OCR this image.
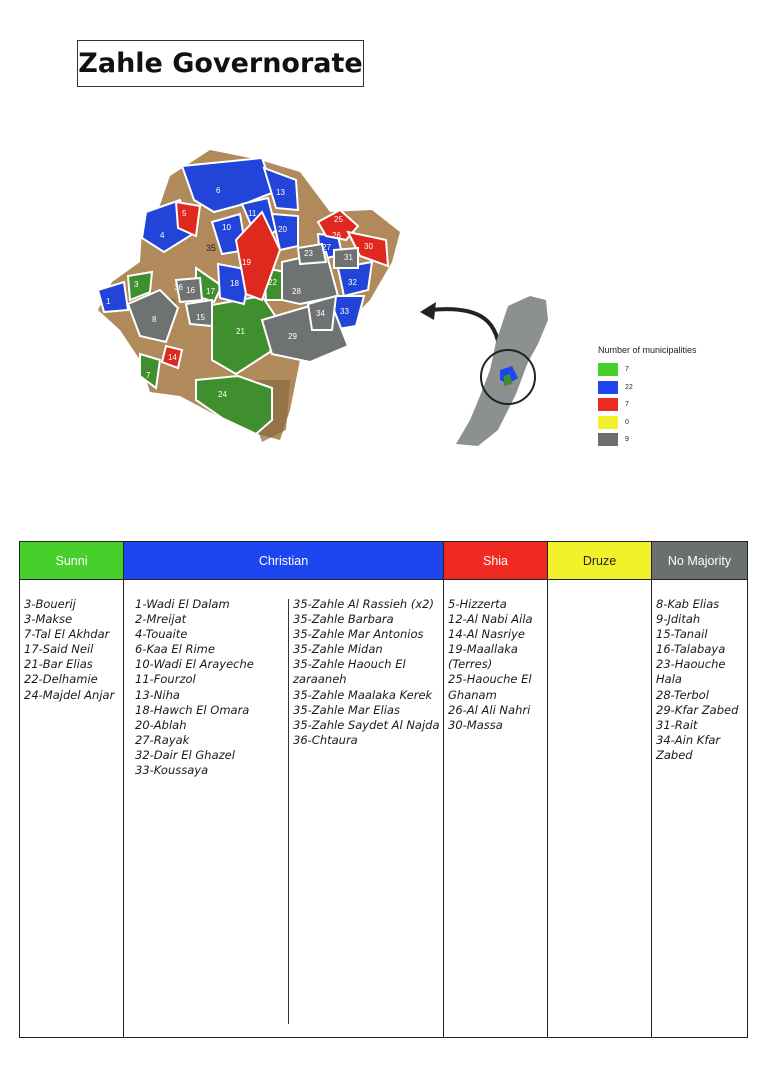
Zahle Governorate
1
3
4
5
6
7
8
10
11
13
14
15
16 17
18
19
20
21
22
23
24
25
26
27
28
29
30
31
32
33
34
35
36
Number of municipalities
7
22
7
0
9
Sunni
3-Bouerij
3-Makse
7-Tal El Akhdar
17-Said Neil
21-Bar Elias
22-Delhamie
24-Majdel Anjar
Christian
1-Wadi El Dalam
2-Mreijat
4-Touaite
6-Kaa El Rime
10-Wadi El Arayeche
11-Fourzol
13-Niha
18-Hawch El Omara
20-Ablah
27-Rayak
32-Dair El Ghazel
33-Koussaya
35-Zahle Al Rassieh (x2)
35-Zahle Barbara
35-Zahle Mar Antonios
35-Zahle Midan
35-Zahle Haouch El zaraaneh
35-Zahle Maalaka Kerek
35-Zahle Mar Elias
35-Zahle Saydet Al Najda
36-Chtaura
Shia
5-Hizzerta
12-Al Nabi Aila
14-Al Nasriye
19-Maallaka (Terres)
25-Haouche El Ghanam
26-Al Ali Nahri
30-Massa
Druze	No Majority
8-Kab Elias
9-Jditah
15-Tanail
16-Talabaya
23-Haouche Hala
28-Terbol
29-Kfar Zabed
31-Rait
34-Ain Kfar Zabed
